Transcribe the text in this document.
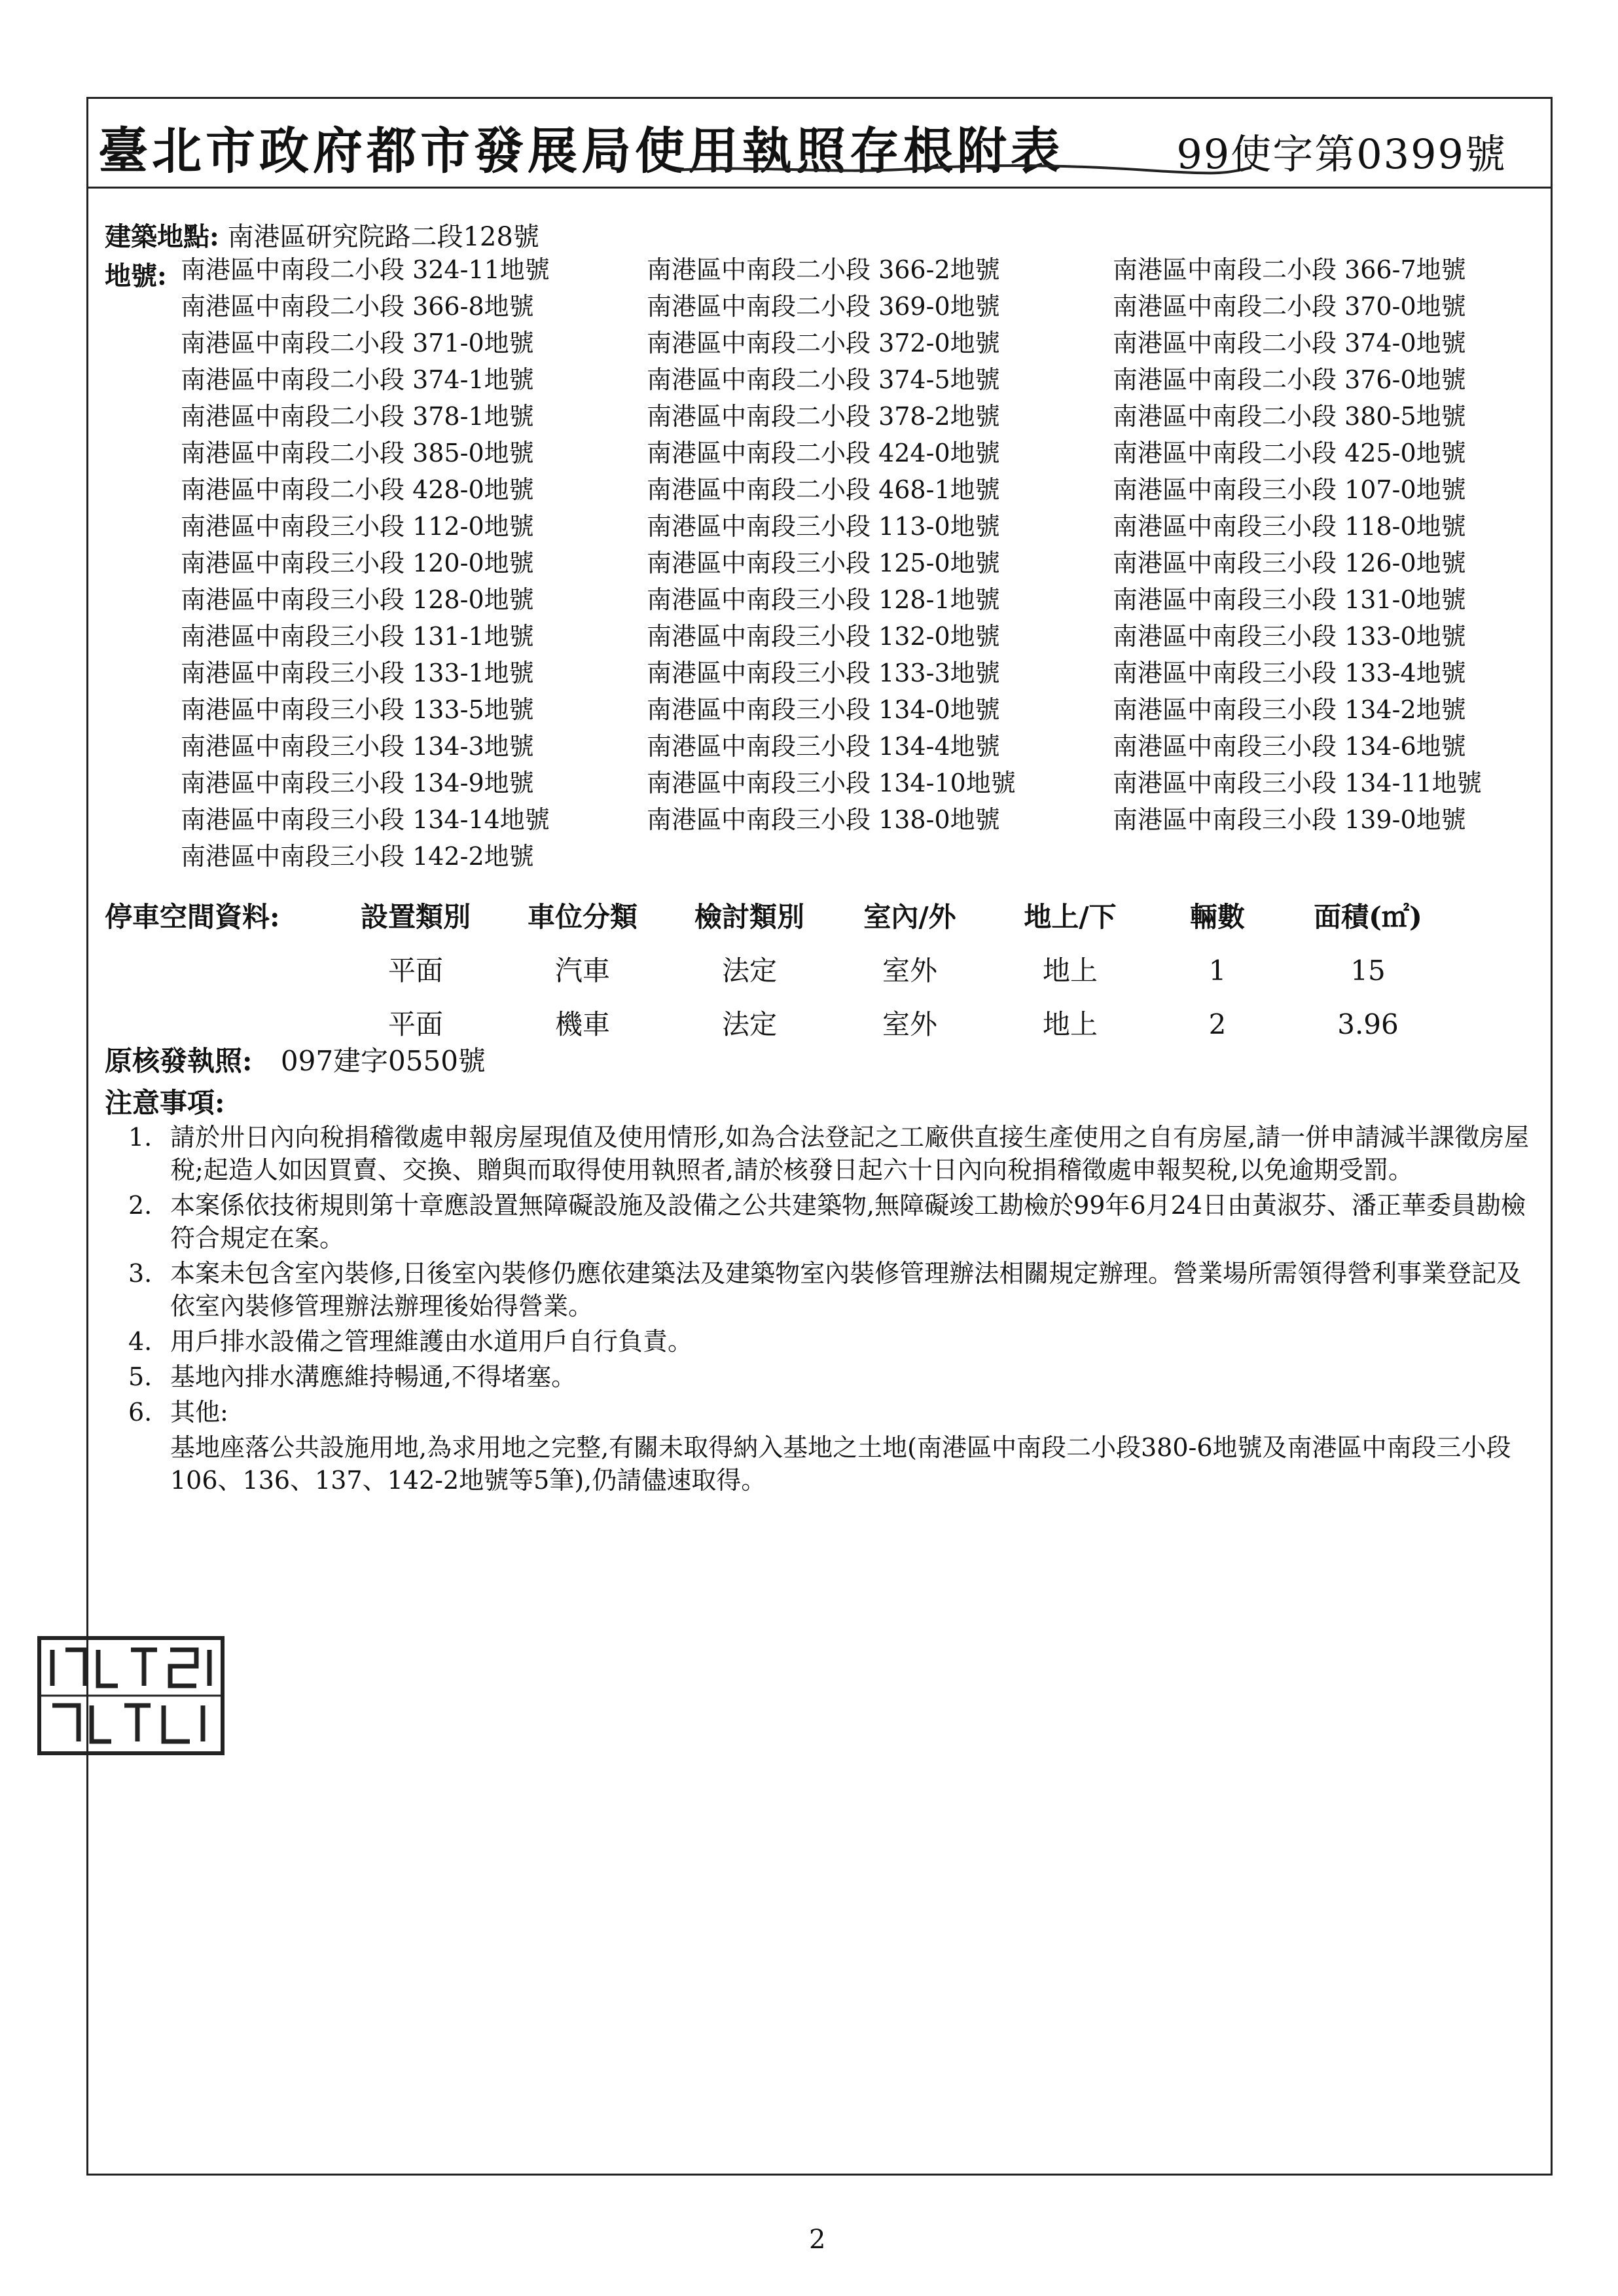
臺北市政府都市發展局使用執照存根附表	99使字第0399號
建築地點: 南港區研究院路二段128號
地號: 南港區中南段二小段 324-11地號	南港區中南段二小段 366-2地號	南港區中南段二小段 366-7地號
南港區中南段二小段 366-8地號	南港區中南段二小段 369-0地號	南港區中南段二小段 370-0地號
南港區中南段二小段 371-0地號	南港區中南段二小段 372-0地號	南港區中南段二小段 374-0地號
南港區中南段二小段 374-1地號	南港區中南段二小段 374-5地號	南港區中南段二小段 376-0地號
南港區中南段二小段 378-1地號	南港區中南段二小段 378-2地號	南港區中南段二小段 380-5地號
南港區中南段二小段 385-0地號	南港區中南段二小段 424-0地號	南港區中南段二小段 425-0地號
南港區中南段二小段 428-0地號	南港區中南段二小段 468-1地號	南港區中南段三小段 107-0地號
南港區中南段三小段 112-0地號	南港區中南段三小段 113-0地號	南港區中南段三小段 118-0地號
南港區中南段三小段 120-0地號	南港區中南段三小段 125-0地號	南港區中南段三小段 126-0地號
南港區中南段三小段 128-0地號	南港區中南段三小段 128-1地號	南港區中南段三小段 131-0地號
南港區中南段三小段 131-1地號	南港區中南段三小段 132-0地號	南港區中南段三小段 133-0地號
南港區中南段三小段 133-1地號	南港區中南段三小段 133-3地號	南港區中南段三小段 133-4地號
南港區中南段三小段 133-5地號	南港區中南段三小段 134-0地號	南港區中南段三小段 134-2地號
南港區中南段三小段 134-3地號	南港區中南段三小段 134-4地號	南港區中南段三小段 134-6地號
南港區中南段三小段 134-9地號	南港區中南段三小段 134-10地號	南港區中南段三小段 134-11地號
南港區中南段三小段 134-14地號	南港區中南段三小段 138-0地號	南港區中南段三小段 139-0地號
南港區中南段三小段 142-2地號
停車空間資料:	設置類別	車位分類	檢討類別	室內/外	地上/下	輛數	面積(㎡)
平面	汽車	法定	室外	地上	1	15
平面	機車	法定	室外	地上	2	3.96
原核發執照: 097建字0550號
注意事項:
1. 請於卅日內向稅捐稽徵處申報房屋現值及使用情形,如為合法登記之工廠供直接生產使用之自有房屋,請一併申請減半課徵房屋稅;起造人如因買賣、交換、贈與而取得使用執照者,請於核發日起六十日內向稅捐稽徵處申報契稅,以免逾期受罰。
2. 本案係依技術規則第十章應設置無障礙設施及設備之公共建築物,無障礙竣工勘檢於99年6月24日由黃淑芬、潘正華委員勘檢符合規定在案。
3. 本案未包含室內裝修,日後室內裝修仍應依建築法及建築物室內裝修管理辦法相關規定辦理。營業場所需領得營利事業登記及依室內裝修管理辦法辦理後始得營業。
4. 用戶排水設備之管理維護由水道用戶自行負責。
5. 基地內排水溝應維持暢通,不得堵塞。
6. 其他:
基地座落公共設施用地,為求用地之完整,有關未取得納入基地之土地(南港區中南段二小段380-6地號及南港區中南段三小段106、136、137、142-2地號等5筆),仍請儘速取得。
2
